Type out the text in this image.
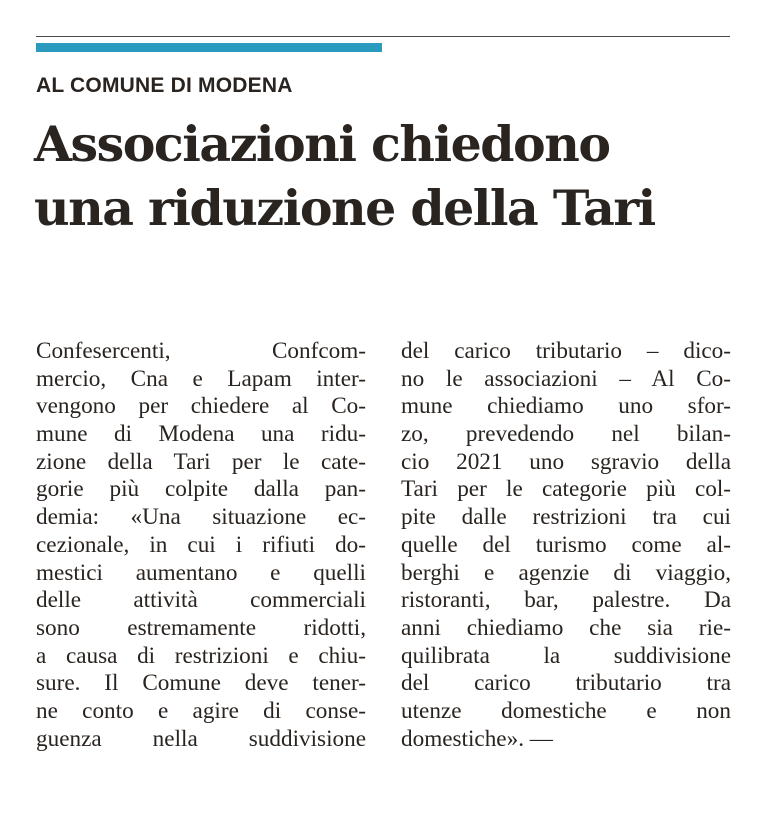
AL COMUNE DI MODENA
Associazioni chiedono
una riduzione della Tari
Confesercenti, Confcom-
mercio, Cna e Lapam inter-
vengono per chiedere al Co-
mune di Modena una ridu-
zione della Tari per le cate-
gorie più colpite dalla pan-
demia: «Una situazione ec-
cezionale, in cui i rifiuti do-
mestici aumentano e quelli
delle attività commerciali
sono estremamente ridotti,
a causa di restrizioni e chiu-
sure. Il Comune deve tener-
ne conto e agire di conse-
guenza nella suddivisione
del carico tributario – dico-
no le associazioni – Al Co-
mune chiediamo uno sfor-
zo, prevedendo nel bilan-
cio 2021 uno sgravio della
Tari per le categorie più col-
pite dalle restrizioni tra cui
quelle del turismo come al-
berghi e agenzie di viaggio,
ristoranti, bar, palestre. Da
anni chiediamo che sia rie-
quilibrata la suddivisione
del carico tributario tra
utenze domestiche e non
domestiche». —
